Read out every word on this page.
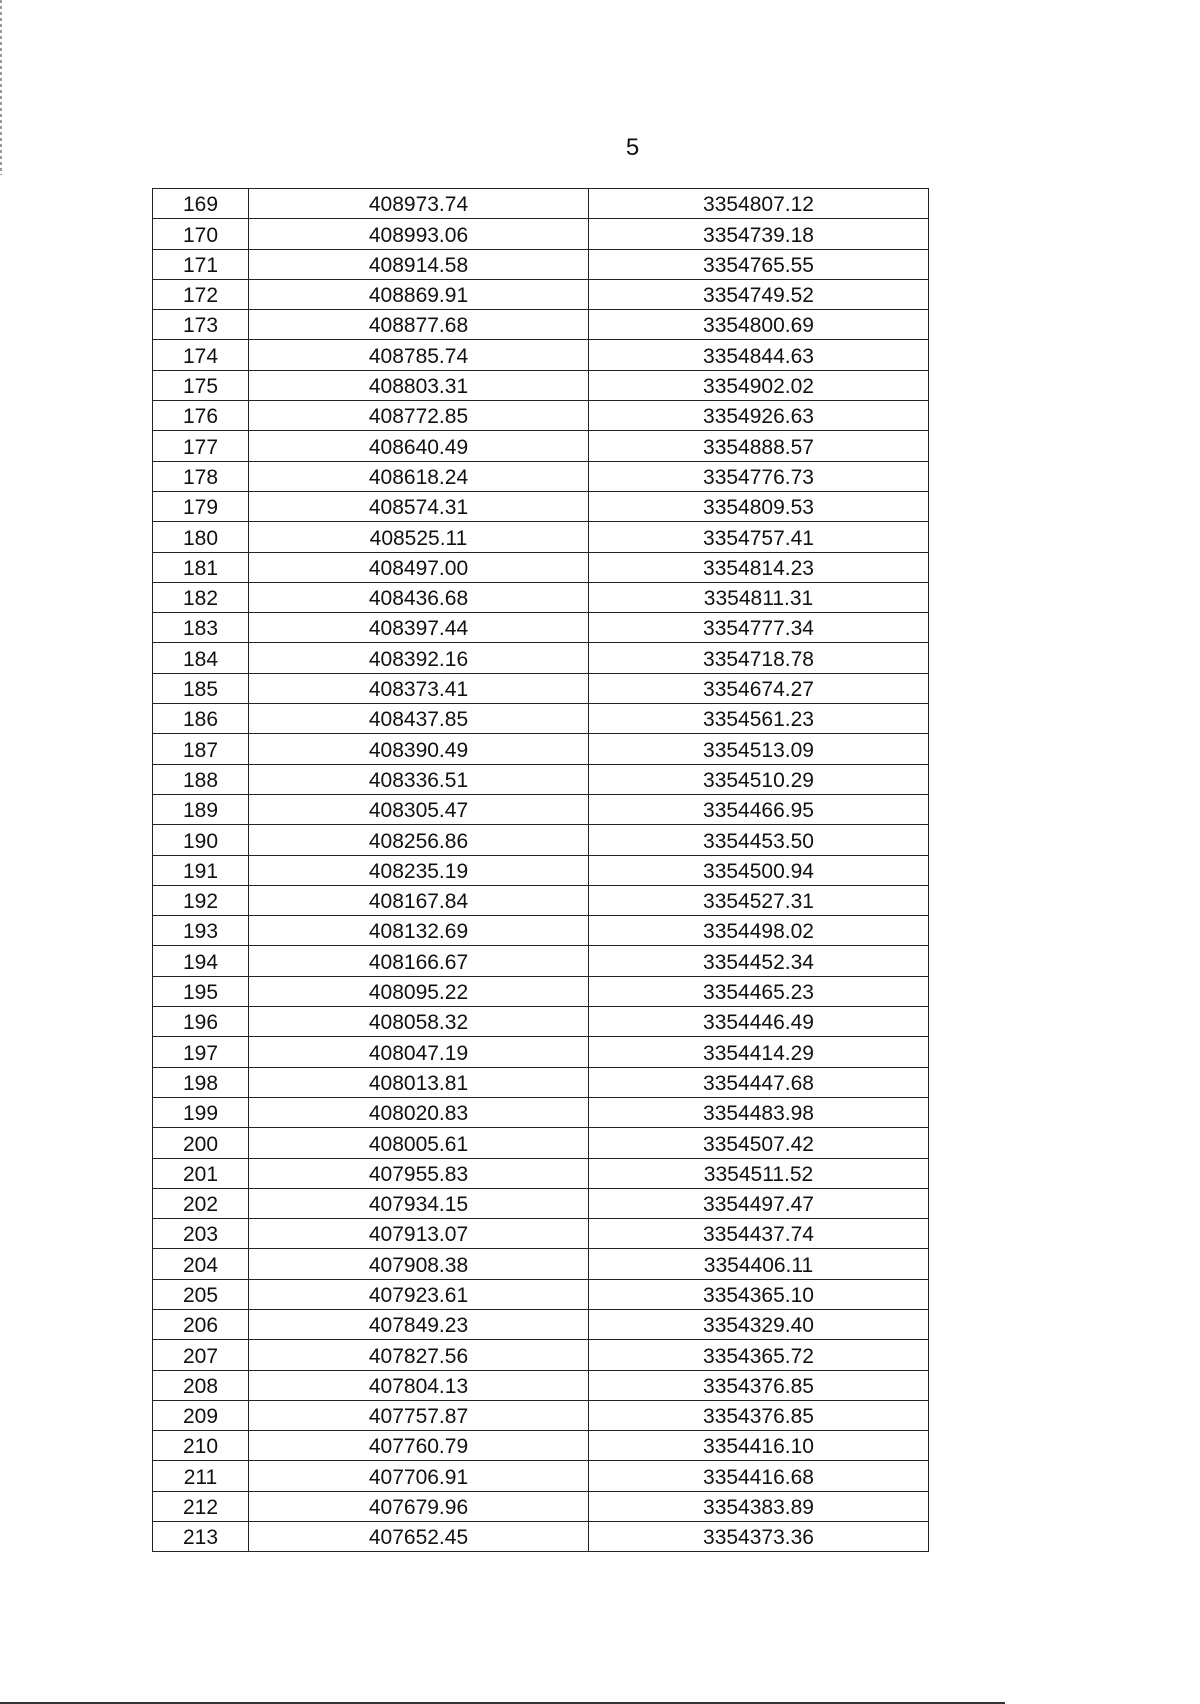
5
169	408973.74	3354807.12
170	408993.06	3354739.18
171	408914.58	3354765.55
172	408869.91	3354749.52
173	408877.68	3354800.69
174	408785.74	3354844.63
175	408803.31	3354902.02
176	408772.85	3354926.63
177	408640.49	3354888.57
178	408618.24	3354776.73
179	408574.31	3354809.53
180	408525.11	3354757.41
181	408497.00	3354814.23
182	408436.68	3354811.31
183	408397.44	3354777.34
184	408392.16	3354718.78
185	408373.41	3354674.27
186	408437.85	3354561.23
187	408390.49	3354513.09
188	408336.51	3354510.29
189	408305.47	3354466.95
190	408256.86	3354453.50
191	408235.19	3354500.94
192	408167.84	3354527.31
193	408132.69	3354498.02
194	408166.67	3354452.34
195	408095.22	3354465.23
196	408058.32	3354446.49
197	408047.19	3354414.29
198	408013.81	3354447.68
199	408020.83	3354483.98
200	408005.61	3354507.42
201	407955.83	3354511.52
202	407934.15	3354497.47
203	407913.07	3354437.74
204	407908.38	3354406.11
205	407923.61	3354365.10
206	407849.23	3354329.40
207	407827.56	3354365.72
208	407804.13	3354376.85
209	407757.87	3354376.85
210	407760.79	3354416.10
211	407706.91	3354416.68
212	407679.96	3354383.89
213	407652.45	3354373.36
